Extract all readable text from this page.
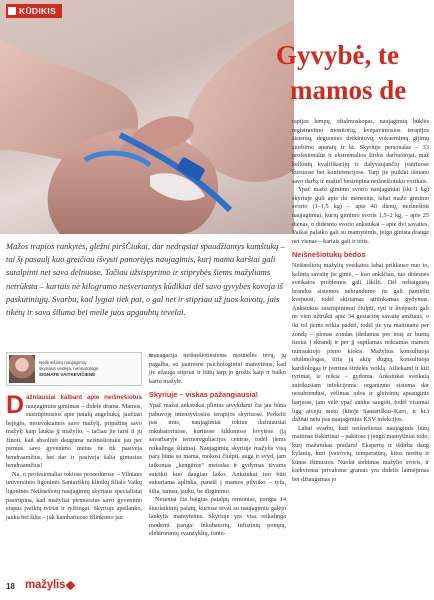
KŪDIKIS
Gyvybė, te
mamos de

Mažos trapios rankytės, gležni piršČiukai, dar nedrąsiai spaudžiantys kumštuką – tai šį pasaulį kuo greičiau išvysti panorėjęs naujagimis, kurį mama karštai gali sutalpinti net savo delnuose. Tačiau užsispyrimo ir stiprybės šiems mažyliams netrūksta – kartais nė kilogramo nesveriantys kūdikiai dėl savo gyvybės kovoja iš paskutiniųjų. Svarbu, kad lygiai tiek pat, o gal net ir stipriau už juos kovotų, jais tikėtų ir savo šiluma bei meile juos apgaubtų tėvelai.

Neišnešiotų naujagimių
skyriaus vedėja, neonatologė
SIGNATE VAITKEVIČIENĖ

Dažniausiai kalbant apie neišnešiotus naujagimius gimimas – didelė drama. Mamos, susirūpinusios apie patalų angeliuką, jaučiasi bejėgės, nesuvokiamos savo mažylį, pripažinę savo mažylį kaip laukia jį mažylio, – tačiau jie tarsi ti jų žinoti, kad absoliuti dauguma neišnešiotuku jau per pirmus savo gyvenimo metus ne tik pasiveja bendraamžius, bet dar ir pasiveja šalia gimusius bendraamžius!

Na, o profesionaliai tokiose procedūrose – Vilniaus universiteto ligoninės Santariškių klinikų filialo Vaikų ligoninės Neišnešiotų naujagimių skyriaus specialistai pasirūpina, kad mažyliai pirmuosius savo gyvenimo etapus įveiktų tvirtai ir ryžtingai. Skyriuje apsilanko, jauku bei šilta – juk kambariuose išlinksmo jau

teanagacija neišnešiotiesiems motinėlės tėvų, jų pagalba, su jautresnė psichologiniui mamytėms, kad jie užauga stipriai ir būtų tarp jo grožis kaip ir balko kartu mažylė.

Skyriuje – viskas pažangiausia!

Ypač mažai ankstukai plintus atvykdami čia jau būna pabuvoję intensyviosios terapijos skyriuose. Perkelti pas mus, naujagimiai tokius dažniausiai inkubatoriuose, kuriuose šildomose lovytėse (ją savarbaryje termoreguliacijos centras, todėl jiems reikalinga šiluma). Naujagimių skyriuje mažylis visą parą būna su mama, mokosi čiulpti, auga ir svyd, jam taikomas „kengūros“ metodas ir gydymas tėvams suteikti kuo daugiau laiko. Ankstukai tuo būti sukuriama aplinka, panaši į mamos pilvuko – tylu, šilta, tamsu, jauku, be dirginimo.

Neseniai čia baigtas patalpų remontas, įrengta 14 šiuolaikinių palatų, kuriose tėvai su naujagimiu galėjo lankytis mamyteims. Skyriuje yra visa reikalinga moderni įranga: inkubatorių, infuzinių pompų, elektroninių svarstyklių, fonto-

rapijos lempų, oftalmoskopas, naujagimių būklės registravimo monitorių, kvėpavimosios terapijos sistemų, deguonies drėkintuvų, vokuemimų gijimų siurbimo aparatų ir kt. Skyriuje personalas – 33 profesionalūs ir ekstremalios širdos darbuotojai, maž kelionių kvalifikacijų ir dalyvaujančių įvairiuose kursuose bei konferencijose. Tarp jie puikiai išmano savo darbą ir mažiel besirūpina neišnešiotuku vorikais.

Ypač mažo gimimo svorio naujagimiai (iki 1 kg) skyriuje guli apie du mėnesius, labai mažo gimimo svorio (1–1,5 kg) – apie 40 dienų, neišnešioti naujagimiai, kurių gimimo svoris 1,5–2 kg, – apie 25 dienas, o didesnio svorio ankstukai – apie dvi savaites. Vaikai palaiko gali su mamytėmis, jeigu gimsta drauge nei vienas – kartais gali ir tėtis.

Neišnešiotukų bėdos

Neišnešiotų mažylių sveikatos labai priklauso nuo to, kelintą savaitę jie gimė, – kuo ankščiau, tuo didesnės sveikatos problemos gali iškilti. Dėl nebaigusių brandos sistemos nebrandumo jie gali pamiršti kvėpuoti, todėl skiriamas atitinkamas gydymas. Ankstukus susirūpinimui čiulpti, ryti ir kvėpuoti gali ne vien užtrukti apie 34 gestacinę savaitę amžiaus, o iki tol jiems reikia padėti, todėl jie yra maitinami per zondą – plonas zondas įdedamas per nosį ar burną tiesiai į skrandį ir per jį supilamas reikiamas mamos nutrauktojo pieno kiekis. Mažylius konsultuoja oftalmologas, tiria jų akių dugną, konsultuoja kardiologas ir įvertina širdelės veiklą. Atliekami ir kiti tyrimai, ie reikia – gydoma. Ankstukai sveikatą sutrikusiam infekcijoms: organizmo sistema dar nesubrendusi, vėlimas odos ir gleivinių apsauginis barjeras, jam vėlė ypač sunku saugoti, todėl visumai ligų atveju metu (kitoje Santariškio–Karo, ir kt.) dažnai netu pas naujagimius KSV infekcijos.

Labai svarbu, kad neišnešiotas naujagimis būtų maitinas išskirtinai – pakitose į jengti mamytiniai todo, kurį mažutukas pradaro! Ekspertų ir išdirba daug kylanių, kuri įvairovių, temperatūrą, kitos norėtų ir kūnas ištinusios. Nuolat stebimas mažylio svoris, ir kiekvienas privalome gramas yra didelis laimėjimas bei džiaugsmas jo

18 mažylis
